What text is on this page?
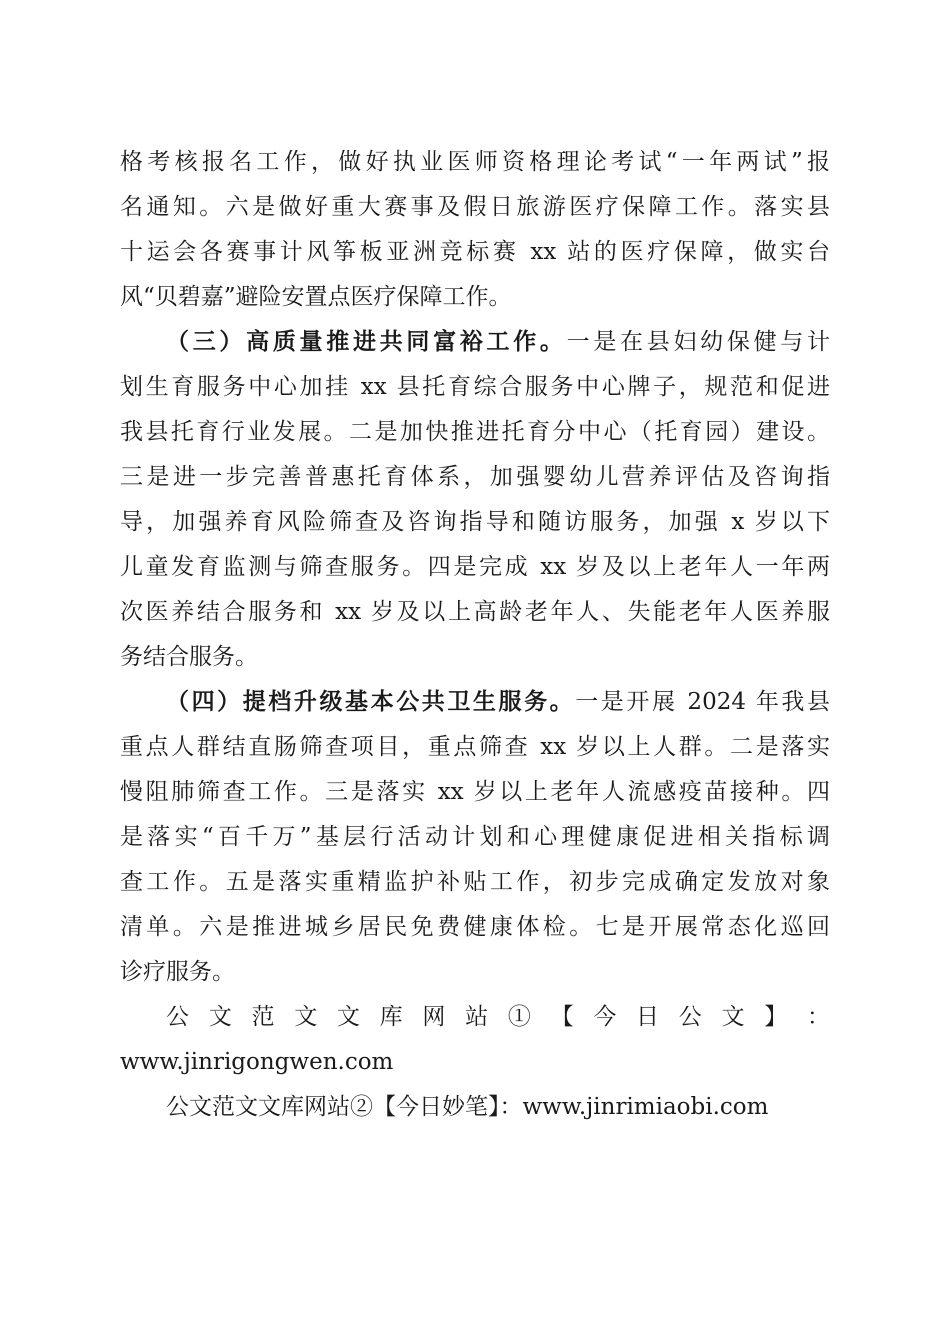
格考核报名工作，做好执业医师资格理论考试“一年两试”报
名通知。六是做好重大赛事及假日旅游医疗保障工作。落实县
十运会各赛事计风筝板亚洲竞标赛 xx 站的医疗保障，做实台
风“贝碧嘉”避险安置点医疗保障工作。
（三）高质量推进共同富裕工作。一是在县妇幼保健与计
划生育服务中心加挂 xx 县托育综合服务中心牌子，规范和促进
我县托育行业发展。二是加快推进托育分中心（托育园）建设。
三是进一步完善普惠托育体系，加强婴幼儿营养评估及咨询指
导，加强养育风险筛查及咨询指导和随访服务，加强 x 岁以下
儿童发育监测与筛查服务。四是完成 xx 岁及以上老年人一年两
次医养结合服务和 xx 岁及以上高龄老年人、失能老年人医养服
务结合服务。
（四）提档升级基本公共卫生服务。一是开展 2024 年我县
重点人群结直肠筛查项目，重点筛查 xx 岁以上人群。二是落实
慢阻肺筛查工作。三是落实 xx 岁以上老年人流感疫苗接种。四
是落实“百千万”基层行活动计划和心理健康促进相关指标调
查工作。五是落实重精监护补贴工作，初步完成确定发放对象
清单。六是推进城乡居民免费健康体检。七是开展常态化巡回
诊疗服务。
公 文 范 文 文 库 网 站 ① 【 今 日 公 文 】 ：
www.jinrigongwen.com
公文范文文库网站②【今日妙笔】：www.jinrimiaobi.com
